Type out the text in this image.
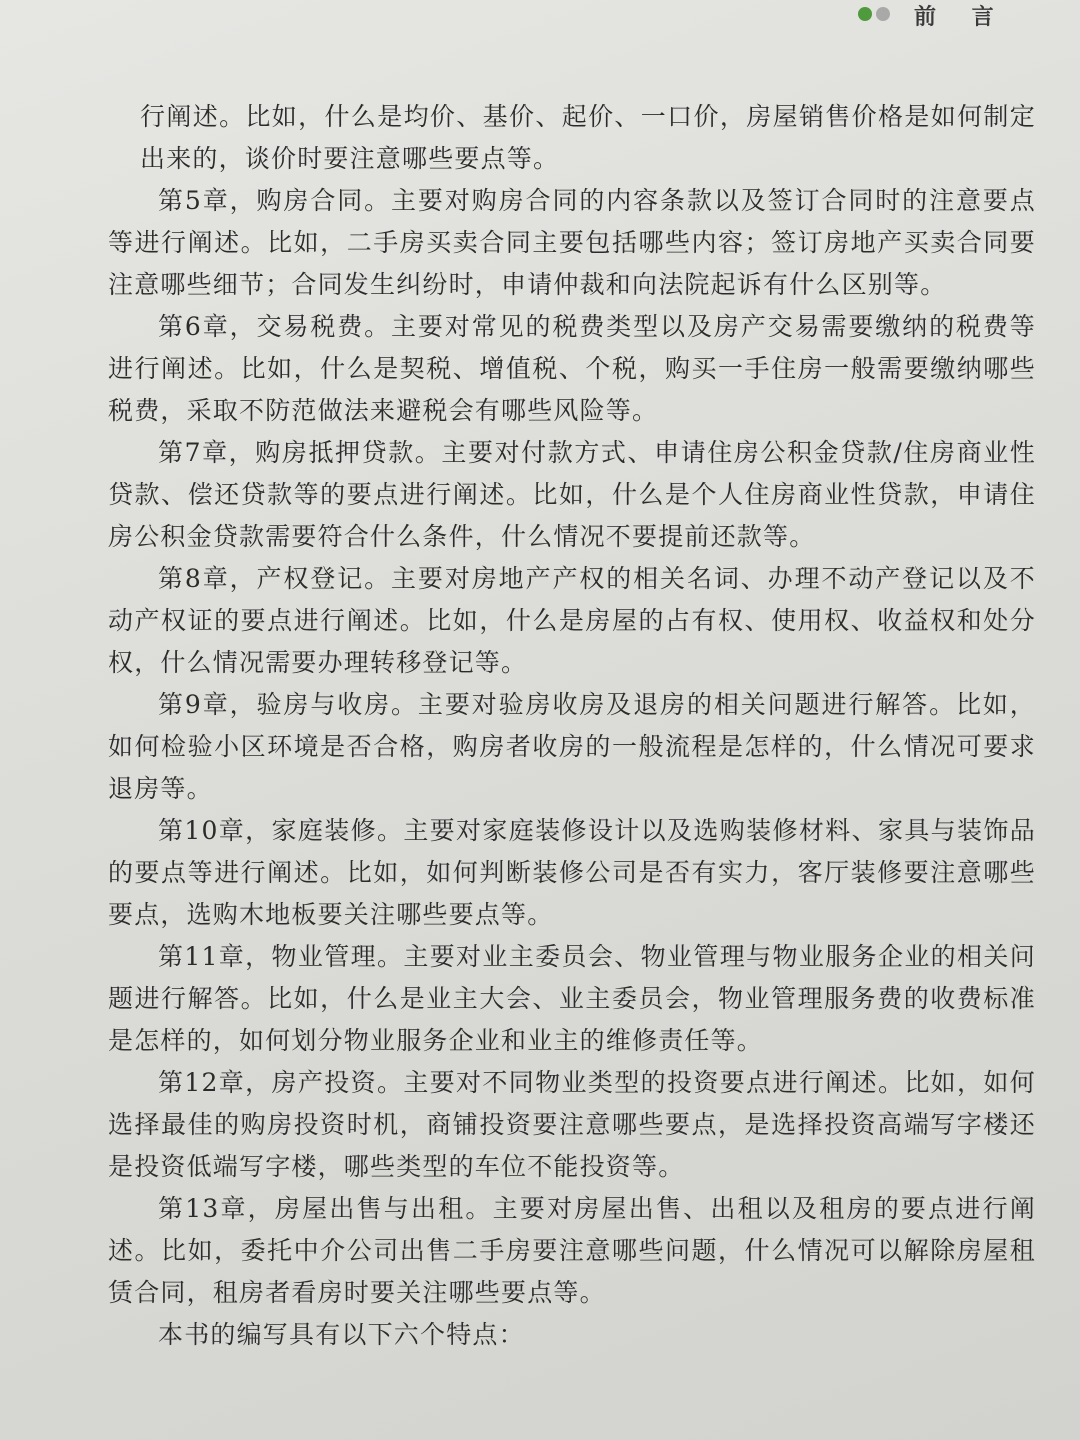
前 言

行阐述。比如，什么是均价、基价、起价、一口价，房屋销售价格是如何制定出来的，谈价时要注意哪些要点等。

第5章，购房合同。主要对购房合同的内容条款以及签订合同时的注意要点等进行阐述。比如，二手房买卖合同主要包括哪些内容；签订房地产买卖合同要注意哪些细节；合同发生纠纷时，申请仲裁和向法院起诉有什么区别等。

第6章，交易税费。主要对常见的税费类型以及房产交易需要缴纳的税费等进行阐述。比如，什么是契税、增值税、个税，购买一手住房一般需要缴纳哪些税费，采取不防范做法来避税会有哪些风险等。

第7章，购房抵押贷款。主要对付款方式、申请住房公积金贷款/住房商业性贷款、偿还贷款等的要点进行阐述。比如，什么是个人住房商业性贷款，申请住房公积金贷款需要符合什么条件，什么情况不要提前还款等。

第8章，产权登记。主要对房地产产权的相关名词、办理不动产登记以及不动产权证的要点进行阐述。比如，什么是房屋的占有权、使用权、收益权和处分权，什么情况需要办理转移登记等。

第9章，验房与收房。主要对验房收房及退房的相关问题进行解答。比如，如何检验小区环境是否合格，购房者收房的一般流程是怎样的，什么情况可要求退房等。

第10章，家庭装修。主要对家庭装修设计以及选购装修材料、家具与装饰品的要点等进行阐述。比如，如何判断装修公司是否有实力，客厅装修要注意哪些要点，选购木地板要关注哪些要点等。

第11章，物业管理。主要对业主委员会、物业管理与物业服务企业的相关问题进行解答。比如，什么是业主大会、业主委员会，物业管理服务费的收费标准是怎样的，如何划分物业服务企业和业主的维修责任等。

第12章，房产投资。主要对不同物业类型的投资要点进行阐述。比如，如何选择最佳的购房投资时机，商铺投资要注意哪些要点，是选择投资高端写字楼还是投资低端写字楼，哪些类型的车位不能投资等。

第13章，房屋出售与出租。主要对房屋出售、出租以及租房的要点进行阐述。比如，委托中介公司出售二手房要注意哪些问题，什么情况可以解除房屋租赁合同，租房者看房时要关注哪些要点等。

本书的编写具有以下六个特点：
